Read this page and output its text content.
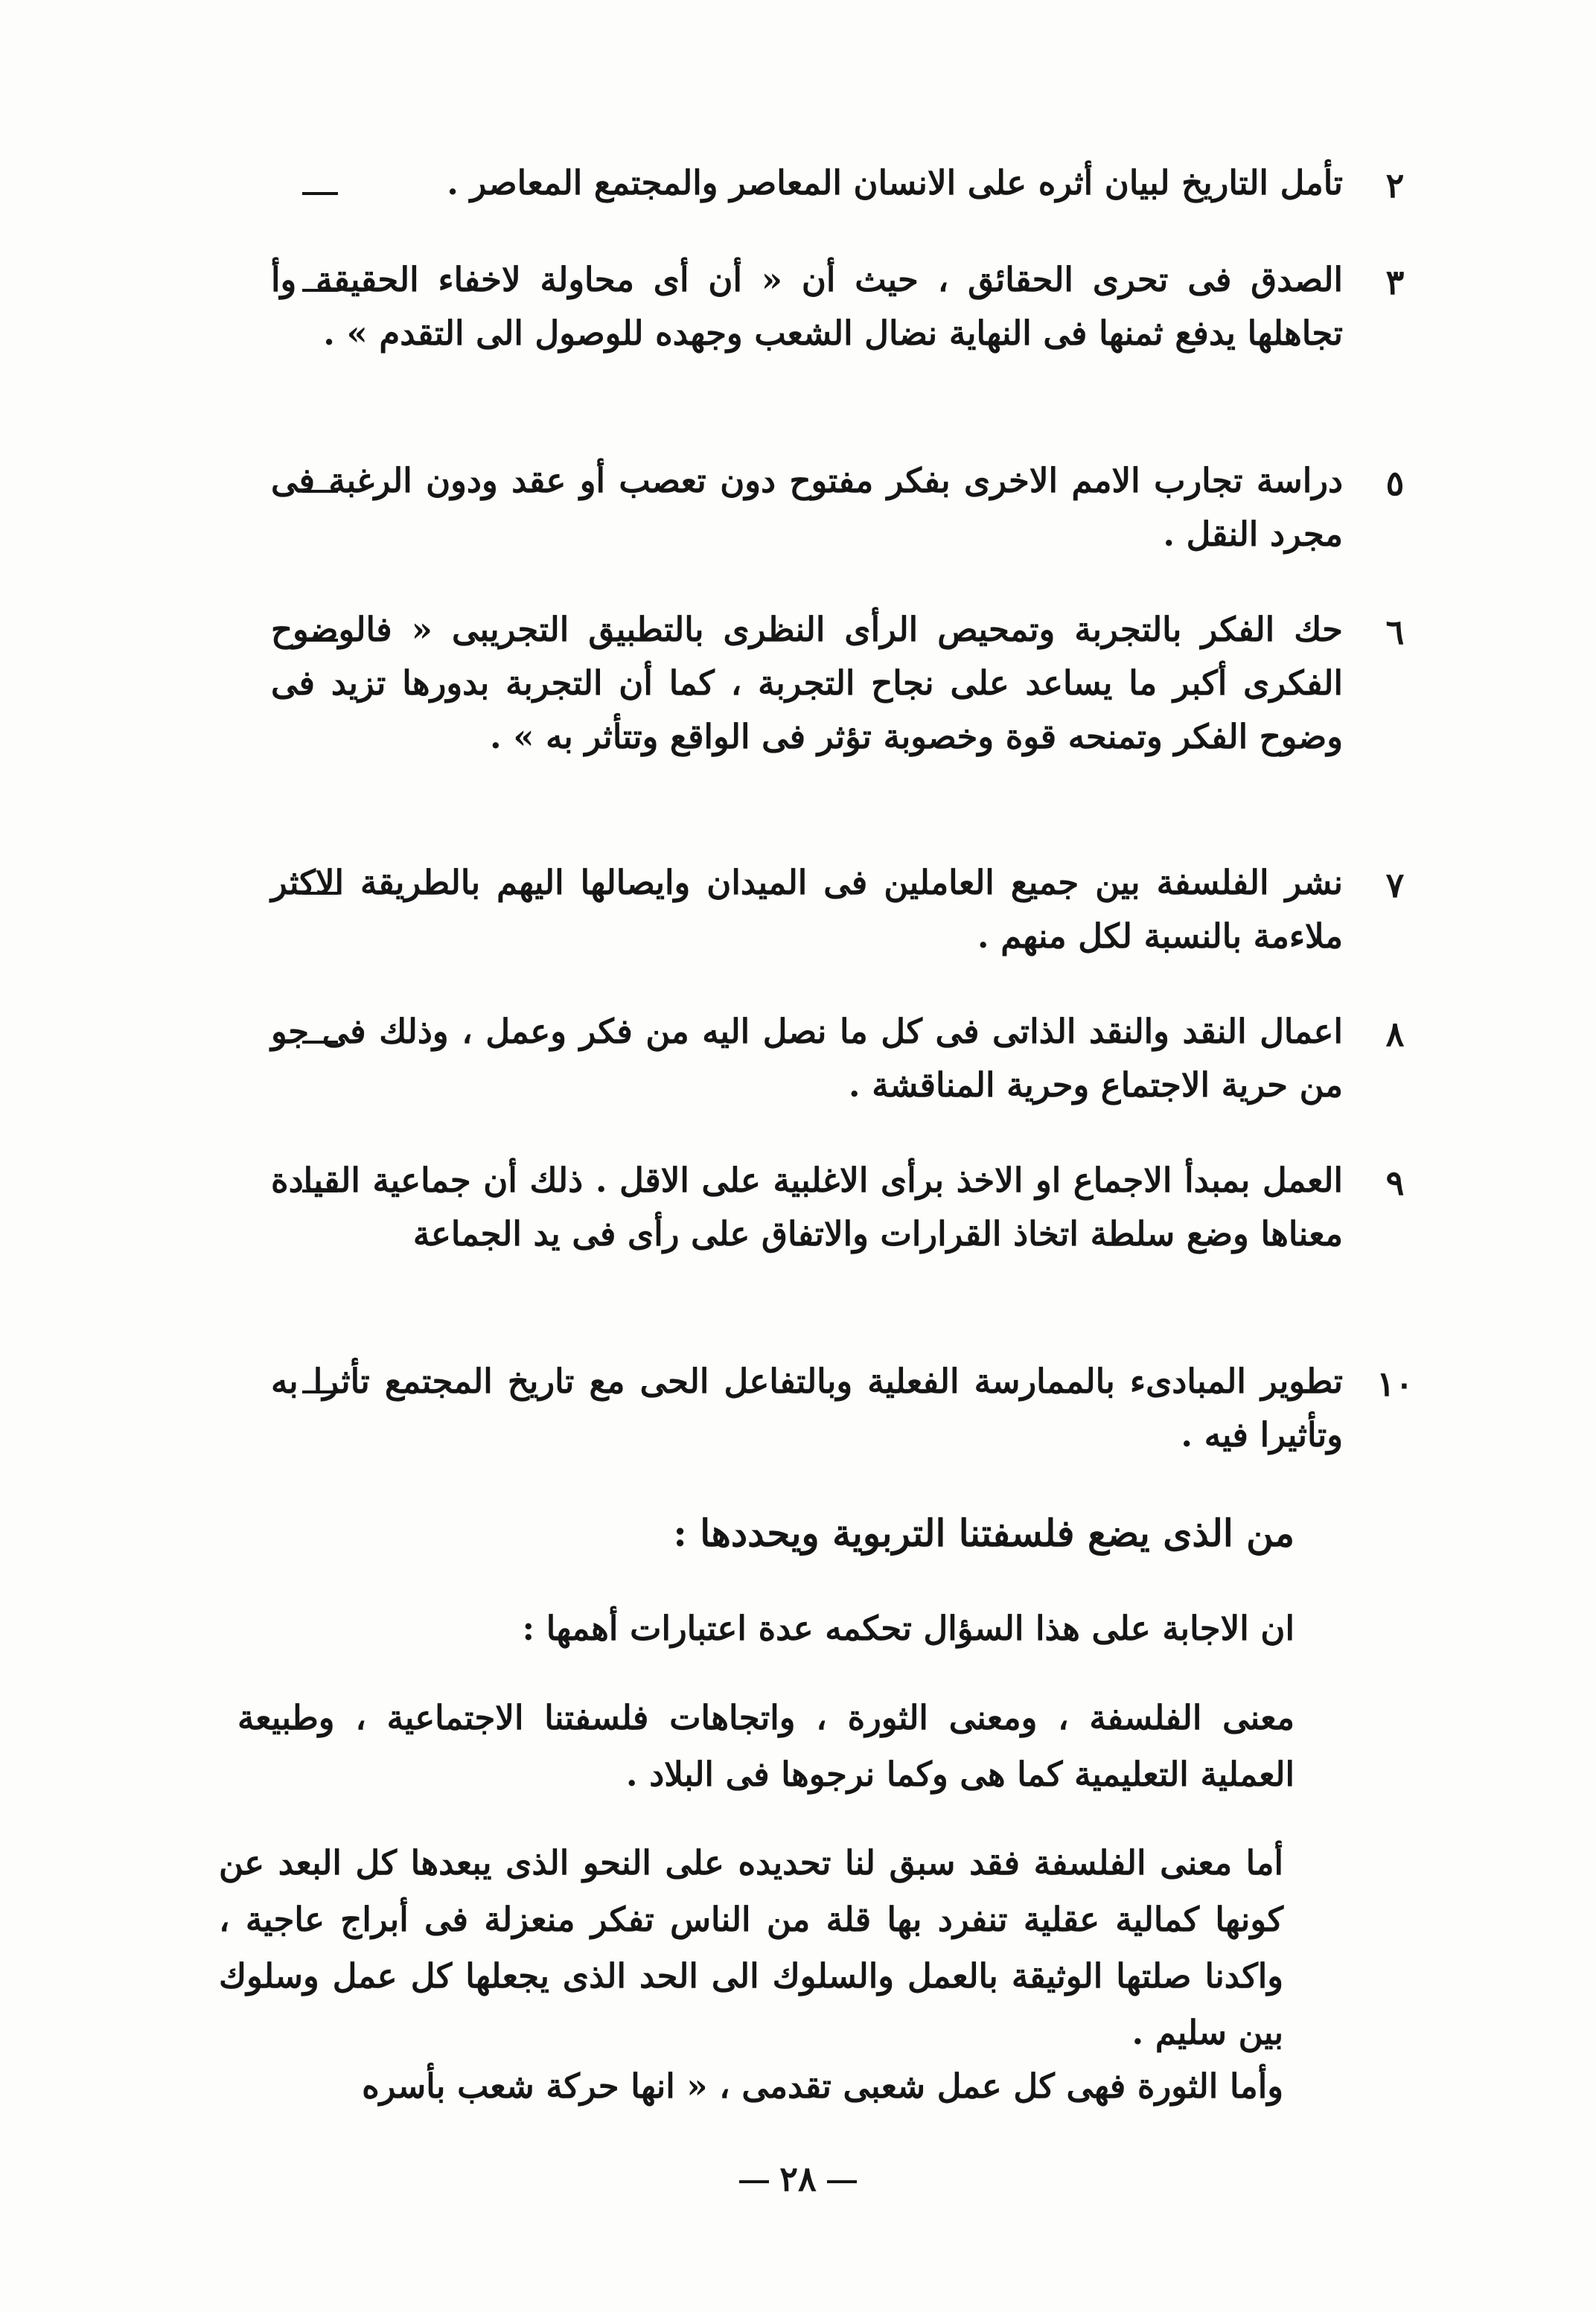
٢
تأمل التاريخ لبيان أثره على الانسان المعاصر والمجتمع المعاصر .
٣
الصدق فى تحرى الحقائق ، حيث أن « أن أى محاولة لاخفاء الحقيقة وأ تجاهلها يدفع ثمنها فى النهاية نضال الشعب وجهده للوصول الى التقدم » .
٥
دراسة تجارب الامم الاخرى بفكر مفتوح دون تعصب أو عقد ودون الرغبة فى مجرد النقل .
٦
حك الفكر بالتجربة وتمحيص الرأى النظرى بالتطبيق التجريبى « فالوضوح الفكرى أكبر ما يساعد على نجاح التجربة ، كما أن التجربة بدورها تزيد فى وضوح الفكر وتمنحه قوة وخصوبة تؤثر فى الواقع وتتأثر به » .
٧
نشر الفلسفة بين جميع العاملين فى الميدان وايصالها اليهم بالطريقة الاكثر ملاءمة بالنسبة لكل منهم .
٨
اعمال النقد والنقد الذاتى فى كل ما نصل اليه من فكر وعمل ، وذلك فى جو من حرية الاجتماع وحرية المناقشة .
٩
العمل بمبدأ الاجماع او الاخذ برأى الاغلبية على الاقل . ذلك أن جماعية القيادة معناها وضع سلطة اتخاذ القرارات والاتفاق على رأى فى يد الجماعة
١٠
تطوير المبادىء بالممارسة الفعلية وبالتفاعل الحى مع تاريخ المجتمع تأثرا به وتأثيرا فيه .
من الذى يضع فلسفتنا التربوية ويحددها :
ان الاجابة على هذا السؤال تحكمه عدة اعتبارات أهمها :
معنى الفلسفة ، ومعنى الثورة ، واتجاهات فلسفتنا الاجتماعية ، وطبيعة العملية التعليمية كما هى وكما نرجوها فى البلاد .
أما معنى الفلسفة فقد سبق لنا تحديده على النحو الذى يبعدها كل البعد عن كونها كمالية عقلية تنفرد بها قلة من الناس تفكر منعزلة فى أبراج عاجية ، واكدنا صلتها الوثيقة بالعمل والسلوك الى الحد الذى يجعلها كل عمل وسلوك بين سليم .
وأما الثورة فهى كل عمل شعبى تقدمى ، « انها حركة شعب بأسره
٢٨
